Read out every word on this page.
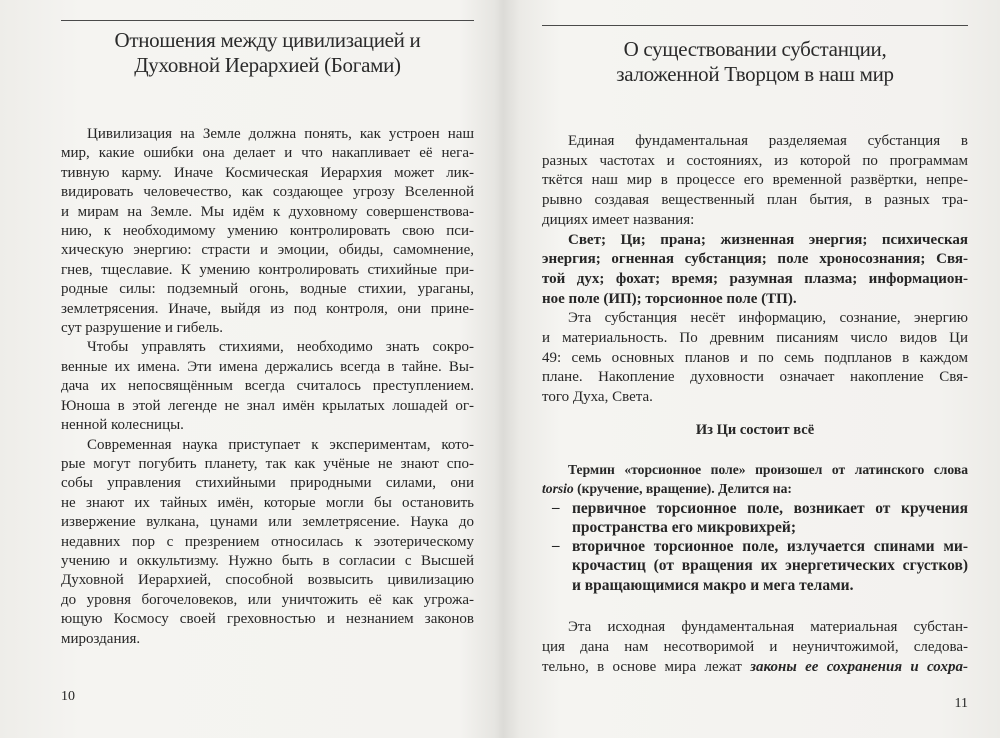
Отношения между цивилизацией и
Духовной Иерархией (Богами)
Цивилизация на Земле должна понять, как устроен наш
мир, какие ошибки она делает и что накапливает её нега-
тивную карму. Иначе Космическая Иерархия может лик-
видировать человечество, как создающее угрозу Вселенной
и мирам на Земле. Мы идём к духовному совершенствова-
нию, к необходимому умению контролировать свою пси-
хическую энергию: страсти и эмоции, обиды, самомнение,
гнев, тщеславие. К умению контролировать стихийные при-
родные силы: подземный огонь, водные стихии, ураганы,
землетрясения. Иначе, выйдя из под контроля, они прине-
сут разрушение и гибель.
Чтобы управлять стихиями, необходимо знать сокро-
венные их имена. Эти имена держались всегда в тайне. Вы-
дача их непосвящённым всегда считалось преступлением.
Юноша в этой легенде не знал имён крылатых лошадей ог-
ненной колесницы.
Современная наука приступает к экспериментам, кото-
рые могут погубить планету, так как учёные не знают спо-
собы управления стихийными природными силами, они
не знают их тайных имён, которые могли бы остановить
извержение вулкана, цунами или землетрясение. Наука до
недавних пор с презрением относилась к эзотерическому
учению и оккультизму. Нужно быть в согласии с Высшей
Духовной Иерархией, способной возвысить цивилизацию
до уровня богочеловеков, или уничтожить её как угрожа-
ющую Космосу своей греховностью и незнанием законов
мироздания.
10
О существовании субстанции,
заложенной Творцом в наш мир
Единая фундаментальная разделяемая субстанция в
разных частотах и состояниях, из которой по программам
ткётся наш мир в процессе его временной развёртки, непре-
рывно создавая вещественный план бытия, в разных тра-
дициях имеет названия:
Свет; Ци; прана; жизненная энергия; психическая
энергия; огненная субстанция; поле хроносознания; Свя-
той дух; фохат; время; разумная плазма; информацион-
ное поле (ИП); торсионное поле (ТП).
Эта субстанция несёт информацию, сознание, энергию
и материальность. По древним писаниям число видов Ци
49: семь основных планов и по семь подпланов в каждом
плане. Накопление духовности означает накопление Свя-
того Духа, Света.
Из Ци состоит всё
Термин «торсионное поле» произошел от латинского слова
torsio (кручение, вращение). Делится на:
– первичное торсионное поле, возникает от кручения
пространства его микровихрей;
– вторичное торсионное поле, излучается спинами ми-
крочастиц (от вращения их энергетических сгустков)
и вращающимися макро и мега телами.
Эта исходная фундаментальная материальная субстан-
ция дана нам несотворимой и неуничтожимой, следова-
тельно, в основе мира лежат законы ее сохранения и сохра-
11
